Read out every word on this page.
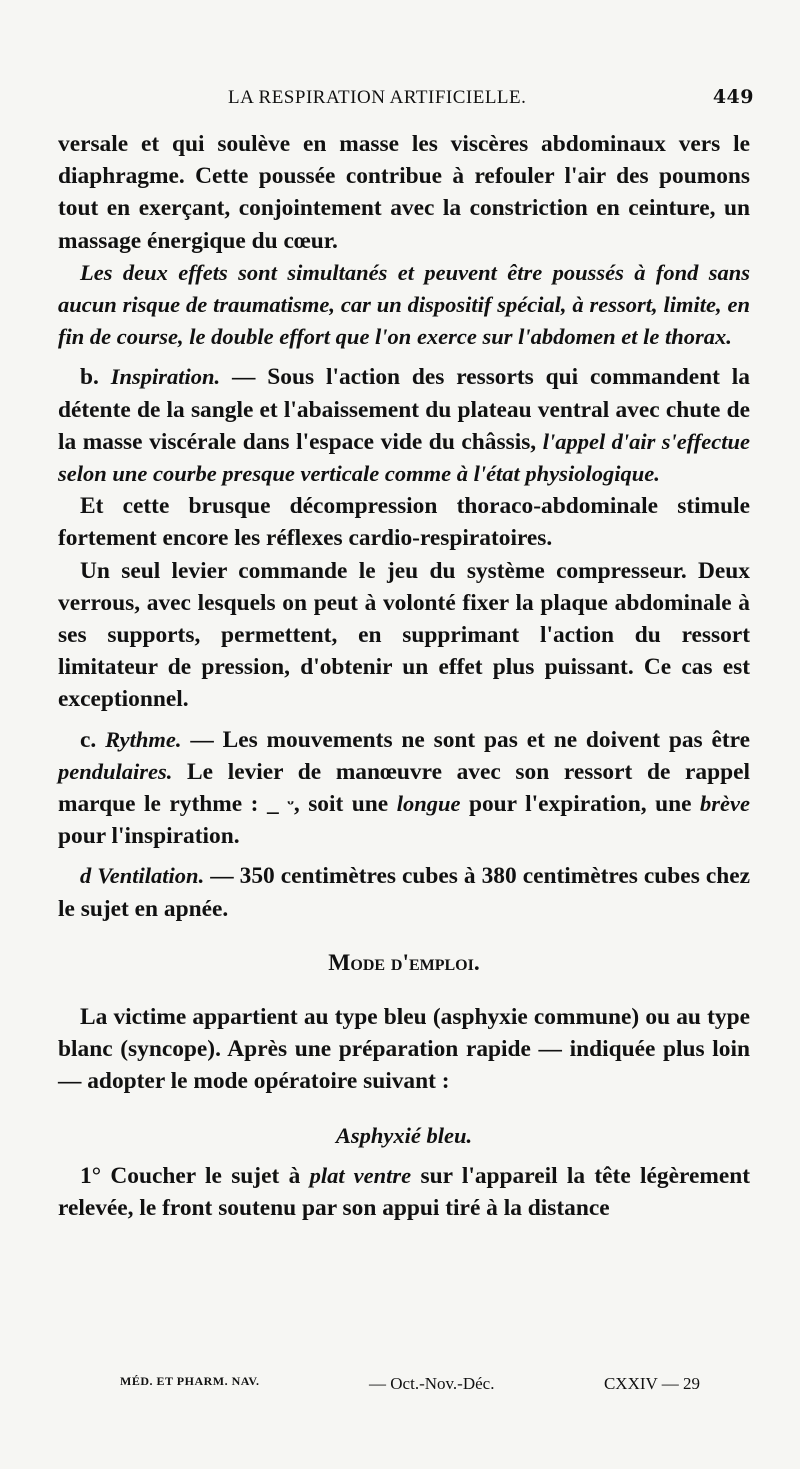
LA RESPIRATION ARTIFICIELLE.	449

versale et qui soulève en masse les viscères abdominaux vers le diaphragme. Cette poussée contribue à refouler l'air des poumons tout en exerçant, conjointement avec la constriction en ceinture, un massage énergique du cœur.

Les deux effets sont simultanés et peuvent être poussés à fond sans aucun risque de traumatisme, car un dispositif spécial, à ressort, limite, en fin de course, le double effort que l'on exerce sur l'abdomen et le thorax.

b. Inspiration. — Sous l'action des ressorts qui commandent la détente de la sangle et l'abaissement du plateau ventral avec chute de la masse viscérale dans l'espace vide du châssis, l'appel d'air s'effectue selon une courbe presque verticale comme à l'état physiologique.

Et cette brusque décompression thoraco-abdominale stimule fortement encore les réflexes cardio-respiratoires.

Un seul levier commande le jeu du système compresseur. Deux verrous, avec lesquels on peut à volonté fixer la plaque abdominale à ses supports, permettent, en supprimant l'action du ressort limitateur de pression, d'obtenir un effet plus puissant. Ce cas est exceptionnel.

c. Rythme. — Les mouvements ne sont pas et ne doivent pas être pendulaires. Le levier de manœuvre avec son ressort de rappel marque le rythme : _ ᵕ, soit une longue pour l'expiration, une brève pour l'inspiration.

d Ventilation. — 350 centimètres cubes à 380 centimètres cubes chez le sujet en apnée.

Mode d'emploi.

La victime appartient au type bleu (asphyxie commune) ou au type blanc (syncope). Après une préparation rapide — indiquée plus loin — adopter le mode opératoire suivant :

Asphyxié bleu.

1° Coucher le sujet à plat ventre sur l'appareil la tête légèrement relevée, le front soutenu par son appui tiré à la distance

MÉD. ET PHARM. NAV.	— Oct.-Nov.-Déc.	CXXIV — 29
